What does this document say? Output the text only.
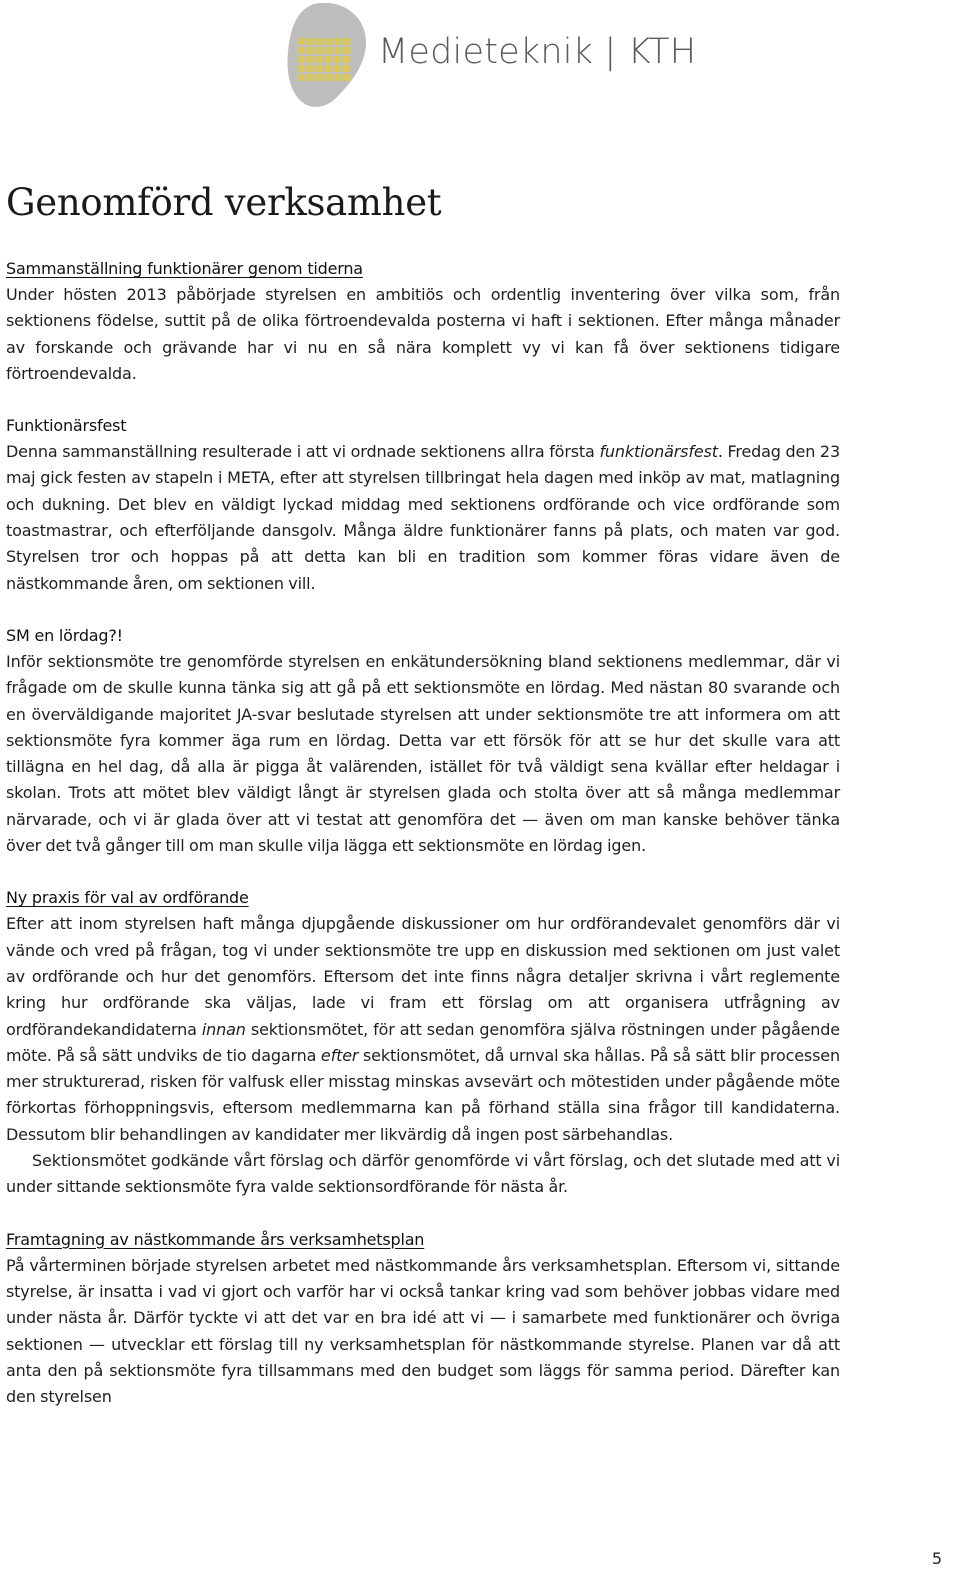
Medieteknik | KTH
Genomförd verksamhet
Sammanställning funktionärer genom tiderna

Under hösten 2013 påbörjade styrelsen en ambitiös och ordentlig inventering över vilka som, från sektionens födelse, suttit på de olika förtroendevalda posterna vi haft i sektionen. Efter många månader av forskande och grävande har vi nu en så nära komplett vy vi kan få över sektionens tidigare förtroendevalda.

Funktionärsfest

Denna sammanställning resulterade i att vi ordnade sektionens allra första funktionärsfest. Fredag den 23 maj gick festen av stapeln i META, efter att styrelsen tillbringat hela dagen med inköp av mat, matlagning och dukning. Det blev en väldigt lyckad middag med sektionens ordförande och vice ordförande som toastmastrar, och efterföljande dansgolv. Många äldre funktionärer fanns på plats, och maten var god. Styrelsen tror och hoppas på att detta kan bli en tradition som kommer föras vidare även de nästkommande åren, om sektionen vill.

SM en lördag?!

Inför sektionsmöte tre genomförde styrelsen en enkätundersökning bland sektionens medlemmar, där vi frågade om de skulle kunna tänka sig att gå på ett sektionsmöte en lördag. Med nästan 80 svarande och en överväldigande majoritet JA-svar beslutade styrelsen att under sektionsmöte tre att informera om att sektionsmöte fyra kommer äga rum en lördag. Detta var ett försök för att se hur det skulle vara att tillägna en hel dag, då alla är pigga åt valärenden, istället för två väldigt sena kvällar efter heldagar i skolan. Trots att mötet blev väldigt långt är styrelsen glada och stolta över att så många medlemmar närvarade, och vi är glada över att vi testat att genomföra det — även om man kanske behöver tänka över det två gånger till om man skulle vilja lägga ett sektionsmöte en lördag igen.

Ny praxis för val av ordförande

Efter att inom styrelsen haft många djupgående diskussioner om hur ordförandevalet genomförs där vi vände och vred på frågan, tog vi under sektionsmöte tre upp en diskussion med sektionen om just valet av ordförande och hur det genomförs. Eftersom det inte finns några detaljer skrivna i vårt reglemente kring hur ordförande ska väljas, lade vi fram ett förslag om att organisera utfrågning av ordförandekandidaterna innan sektionsmötet, för att sedan genomföra själva röstningen under pågående möte. På så sätt undviks de tio dagarna efter sektionsmötet, då urnval ska hållas. På så sätt blir processen mer strukturerad, risken för valfusk eller misstag minskas avsevärt och mötestiden under pågående möte förkortas förhoppningsvis, eftersom medlemmarna kan på förhand ställa sina frågor till kandidaterna. Dessutom blir behandlingen av kandidater mer likvärdig då ingen post särbehandlas.

Sektionsmötet godkände vårt förslag och därför genomförde vi vårt förslag, och det slutade med att vi under sittande sektionsmöte fyra valde sektionsordförande för nästa år.

Framtagning av nästkommande års verksamhetsplan

På vårterminen började styrelsen arbetet med nästkommande års verksamhetsplan. Eftersom vi, sittande styrelse, är insatta i vad vi gjort och varför har vi också tankar kring vad som behöver jobbas vidare med under nästa år. Därför tyckte vi att det var en bra idé att vi — i samarbete med funktionärer och övriga sektionen — utvecklar ett förslag till ny verksamhetsplan för nästkommande styrelse. Planen var då att anta den på sektionsmöte fyra tillsammans med den budget som läggs för samma period. Därefter kan den styrelsen

5
